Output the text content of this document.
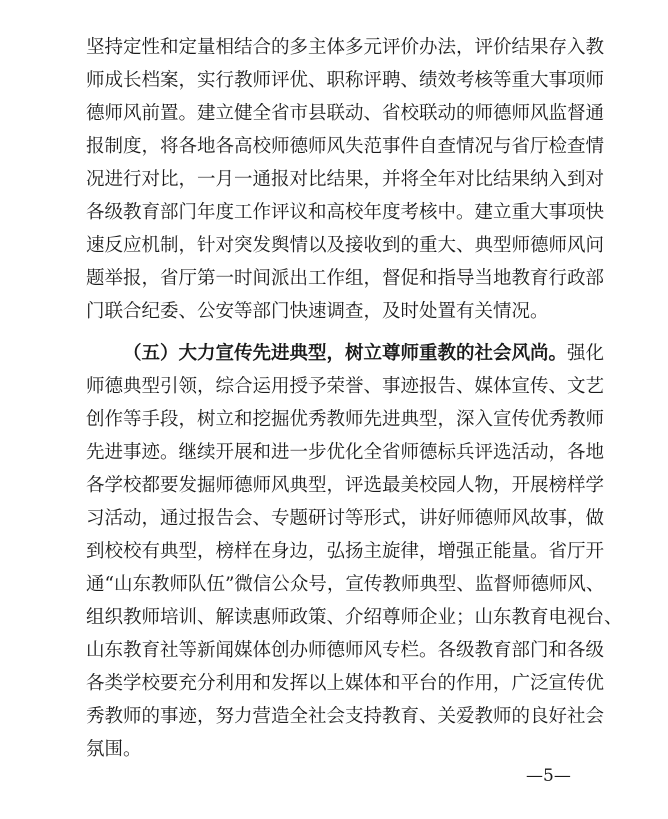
坚持定性和定量相结合的多主体多元评价办法，评价结果存入教
师成长档案，实行教师评优、职称评聘、绩效考核等重大事项师
德师风前置。建立健全省市县联动、省校联动的师德师风监督通
报制度，将各地各高校师德师风失范事件自查情况与省厅检查情
况进行对比，一月一通报对比结果，并将全年对比结果纳入到对
各级教育部门年度工作评议和高校年度考核中。建立重大事项快
速反应机制，针对突发舆情以及接收到的重大、典型师德师风问
题举报，省厅第一时间派出工作组，督促和指导当地教育行政部
门联合纪委、公安等部门快速调查，及时处置有关情况。
（五）大力宣传先进典型，树立尊师重教的社会风尚。强化
师德典型引领，综合运用授予荣誉、事迹报告、媒体宣传、文艺
创作等手段，树立和挖掘优秀教师先进典型，深入宣传优秀教师
先进事迹。继续开展和进一步优化全省师德标兵评选活动，各地
各学校都要发掘师德师风典型，评选最美校园人物，开展榜样学
习活动，通过报告会、专题研讨等形式，讲好师德师风故事，做
到校校有典型，榜样在身边，弘扬主旋律，增强正能量。省厅开
通“山东教师队伍”微信公众号，宣传教师典型、监督师德师风、
组织教师培训、解读惠师政策、介绍尊师企业；山东教育电视台、
山东教育社等新闻媒体创办师德师风专栏。各级教育部门和各级
各类学校要充分利用和发挥以上媒体和平台的作用，广泛宣传优
秀教师的事迹，努力营造全社会支持教育、关爱教师的良好社会
氛围。
—5—
